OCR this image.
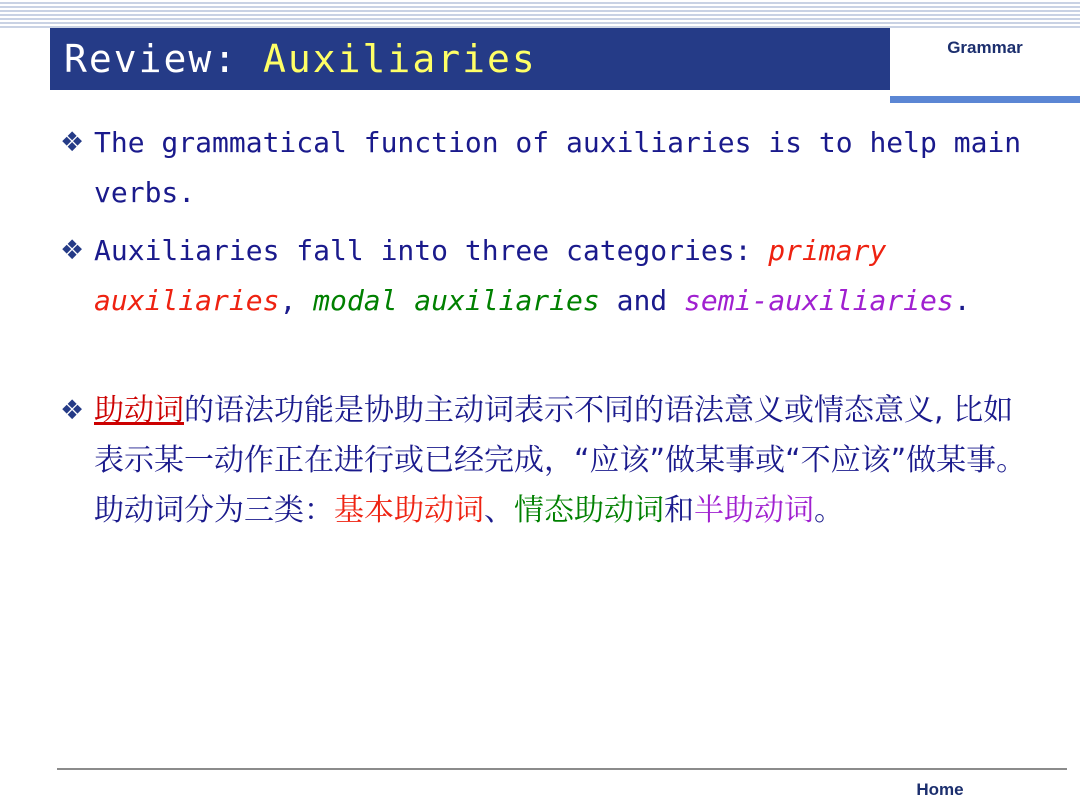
Review: Auxiliaries	Grammar
❖ The grammatical function of auxiliaries is to help main verbs.
❖ Auxiliaries fall into three categories: primary auxiliaries, modal auxiliaries and semi-auxiliaries.
❖ 助动词的语法功能是协助主动词表示不同的语法意义或情态意义, 比如表示某一动作正在进行或已经完成，“应该”做某事或“不应该”做某事。助动词分为三类：基本助动词、情态助动词和半助动词。
Home
